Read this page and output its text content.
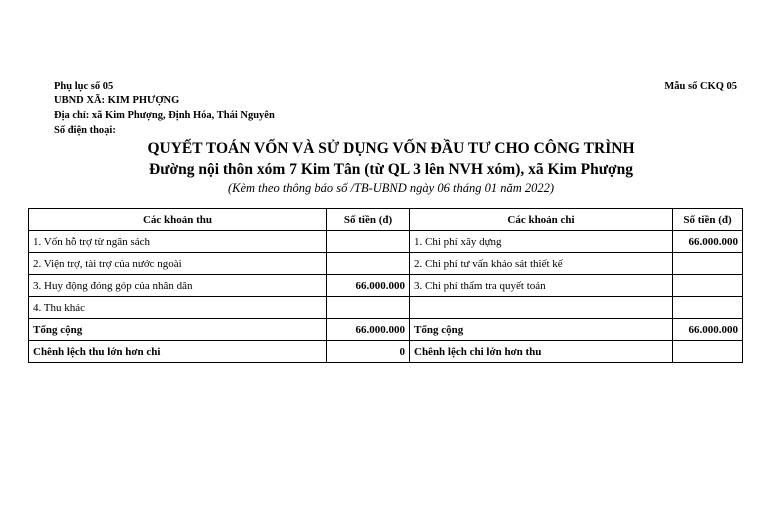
Phụ lục số 05
UBND XÃ: KIM PHƯỢNG
Địa chỉ: xã Kim Phượng, Định Hóa, Thái Nguyên
Số điện thoại:
Mẫu số CKQ 05
QUYẾT TOÁN VỐN VÀ SỬ DỤNG VỐN ĐẦU TƯ CHO CÔNG TRÌNH
Đường nội thôn xóm 7 Kim Tân (từ QL 3 lên NVH xóm), xã Kim Phượng
(Kèm theo thông báo số /TB-UBND ngày 06 tháng 01 năm 2022)
Các khoản thu	Số tiền (đ)	Các khoản chi	Số tiền (đ)
1. Vốn hỗ trợ từ ngân sách		1. Chi phí xây dựng	66.000.000
2. Viện trợ, tài trợ của nước ngoài		2. Chi phí tư vấn khảo sát thiết kế	
3. Huy động đóng góp của nhân dân	66.000.000	3. Chi phí thẩm tra quyết toán	
4. Thu khác			
Tổng cộng	66.000.000	Tổng cộng	66.000.000
Chênh lệch thu lớn hơn chi	0	Chênh lệch chi lớn hơn thu	
